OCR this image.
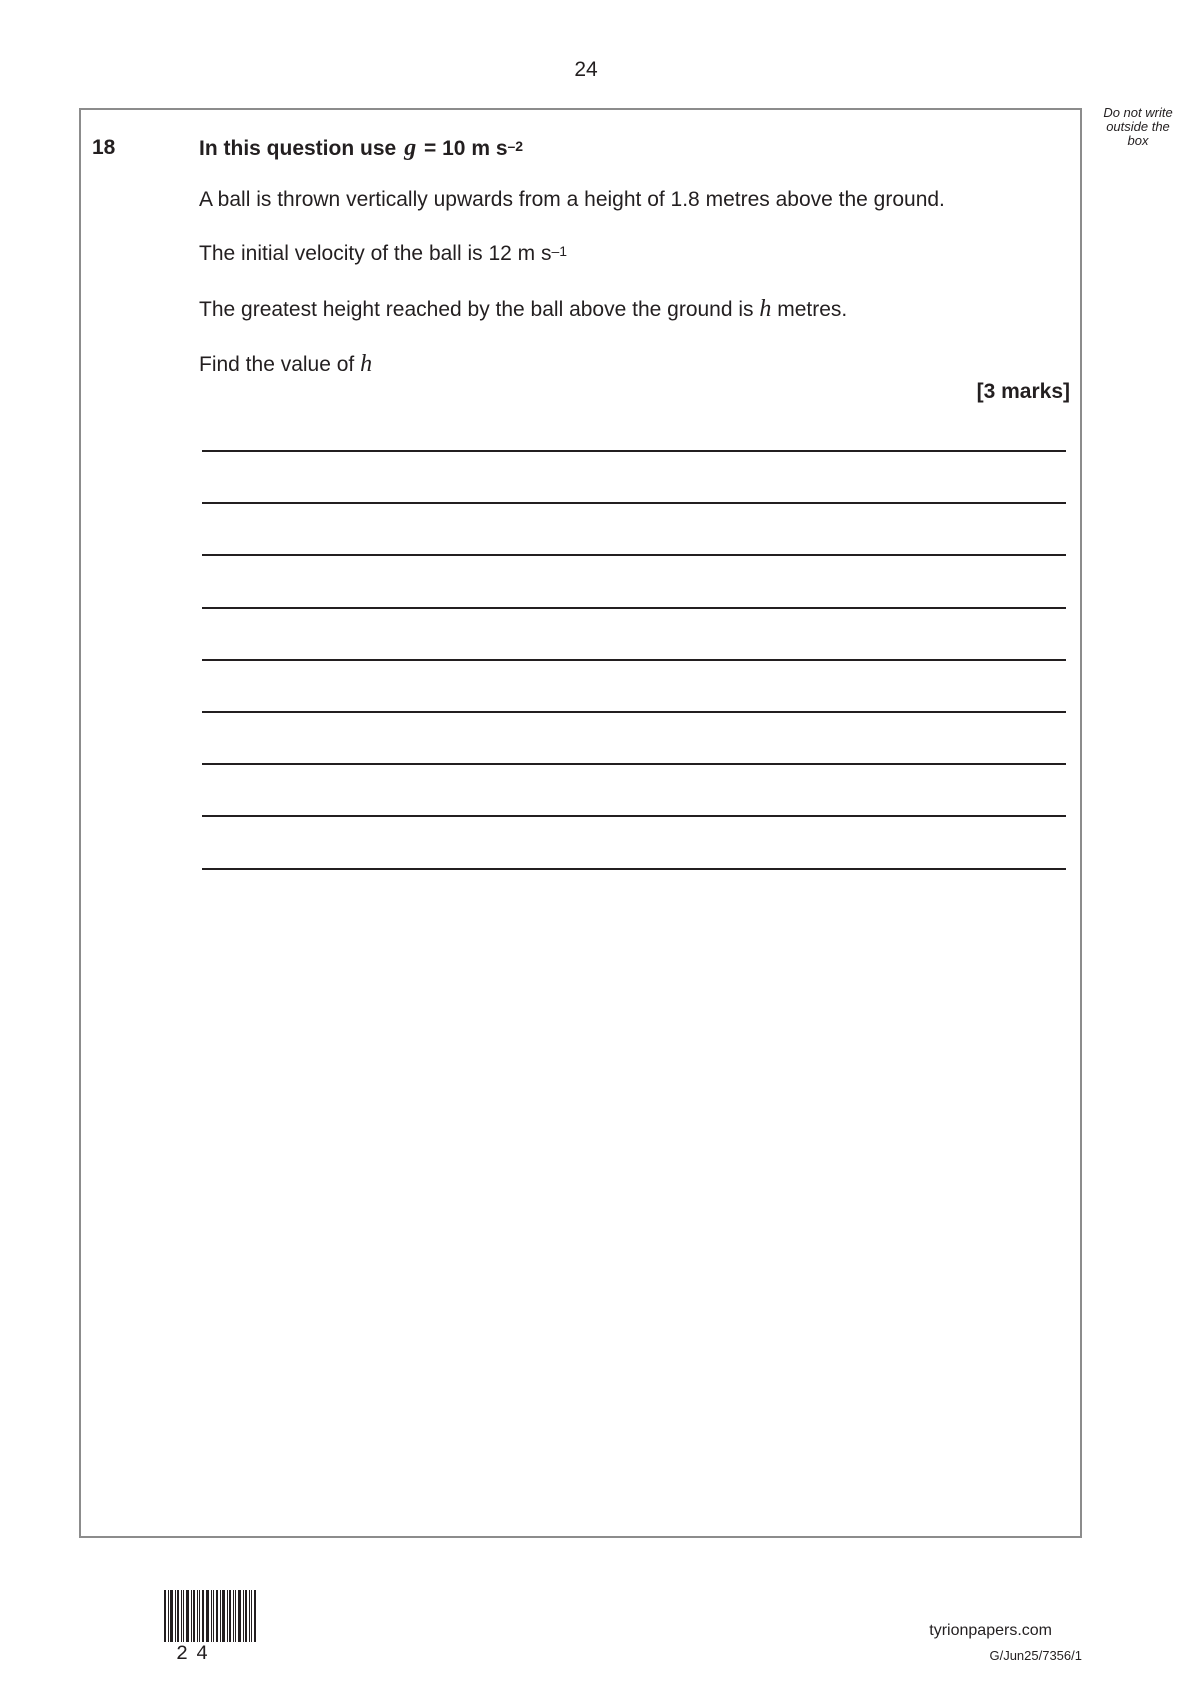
24
Do not write
outside the
box
18	In this question use g = 10 m $s^{-2}$
A ball is thrown vertically upwards from a height of 1.8 metres above the ground.
The initial velocity of the ball is 12 m $s^{-1}$
The greatest height reached by the ball above the ground is h metres.
Find the value of h
[3 marks]
24
tyrionpapers.com
G/Jun25/7356/1
